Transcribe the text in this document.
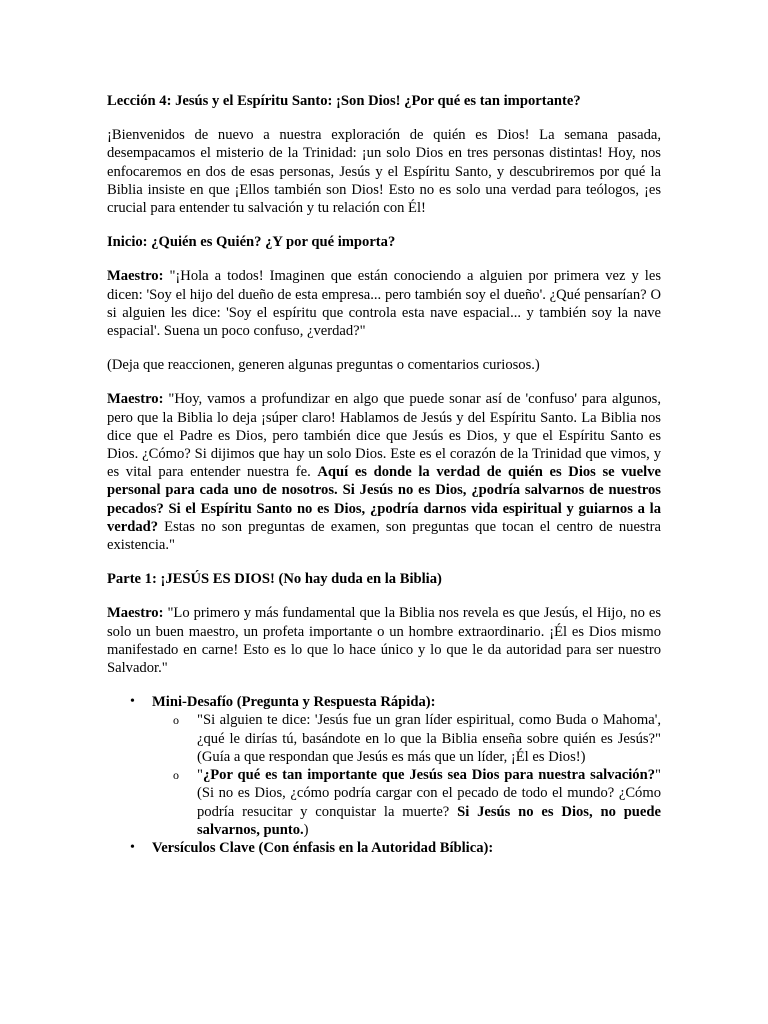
Lección 4: Jesús y el Espíritu Santo: ¡Son Dios! ¿Por qué es tan importante?

¡Bienvenidos de nuevo a nuestra exploración de quién es Dios! La semana pasada, desempacamos el misterio de la Trinidad: ¡un solo Dios en tres personas distintas! Hoy, nos enfocaremos en dos de esas personas, Jesús y el Espíritu Santo, y descubriremos por qué la Biblia insiste en que ¡Ellos también son Dios! Esto no es solo una verdad para teólogos, ¡es crucial para entender tu salvación y tu relación con Él!

Inicio: ¿Quién es Quién? ¿Y por qué importa?

Maestro: "¡Hola a todos! Imaginen que están conociendo a alguien por primera vez y les dicen: 'Soy el hijo del dueño de esta empresa... pero también soy el dueño'. ¿Qué pensarían? O si alguien les dice: 'Soy el espíritu que controla esta nave espacial... y también soy la nave espacial'. Suena un poco confuso, ¿verdad?"

(Deja que reaccionen, generen algunas preguntas o comentarios curiosos.)

Maestro: "Hoy, vamos a profundizar en algo que puede sonar así de 'confuso' para algunos, pero que la Biblia lo deja ¡súper claro! Hablamos de Jesús y del Espíritu Santo. La Biblia nos dice que el Padre es Dios, pero también dice que Jesús es Dios, y que el Espíritu Santo es Dios. ¿Cómo? Si dijimos que hay un solo Dios. Este es el corazón de la Trinidad que vimos, y es vital para entender nuestra fe. Aquí es donde la verdad de quién es Dios se vuelve personal para cada uno de nosotros. Si Jesús no es Dios, ¿podría salvarnos de nuestros pecados? Si el Espíritu Santo no es Dios, ¿podría darnos vida espiritual y guiarnos a la verdad? Estas no son preguntas de examen, son preguntas que tocan el centro de nuestra existencia."

Parte 1: ¡JESÚS ES DIOS! (No hay duda en la Biblia)

Maestro: "Lo primero y más fundamental que la Biblia nos revela es que Jesús, el Hijo, no es solo un buen maestro, un profeta importante o un hombre extraordinario. ¡Él es Dios mismo manifestado en carne! Esto es lo que lo hace único y lo que le da autoridad para ser nuestro Salvador."

• Mini-Desafío (Pregunta y Respuesta Rápida):
o "Si alguien te dice: 'Jesús fue un gran líder espiritual, como Buda o Mahoma', ¿qué le dirías tú, basándote en lo que la Biblia enseña sobre quién es Jesús?" (Guía a que respondan que Jesús es más que un líder, ¡Él es Dios!)
o "¿Por qué es tan importante que Jesús sea Dios para nuestra salvación?" (Si no es Dios, ¿cómo podría cargar con el pecado de todo el mundo? ¿Cómo podría resucitar y conquistar la muerte? Si Jesús no es Dios, no puede salvarnos, punto.)
• Versículos Clave (Con énfasis en la Autoridad Bíblica):
